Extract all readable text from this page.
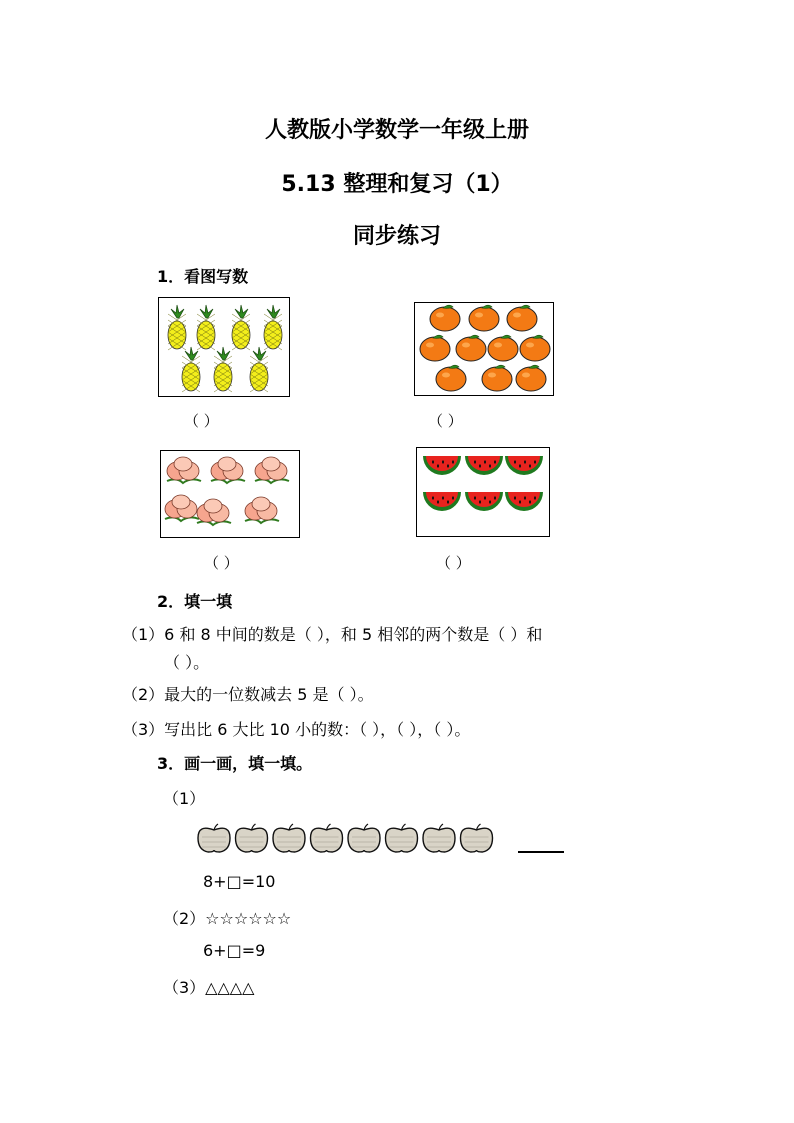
人教版小学数学一年级上册
5.13 整理和复习（1）
同步练习
1．看图写数
（ ）	（ ）
（ ）	（ ）
2．填一填
（1）6 和 8 中间的数是（ ），和 5 相邻的两个数是（ ）和
（ ）。
（2）最大的一位数减去 5 是（ ）。
（3）写出比 6 大比 10 小的数：（ ），（ ），（ ）。
3．画一画，填一填。
（1）
8+□=10
（2）☆☆☆☆☆☆
6+□=9
（3）△△△△
